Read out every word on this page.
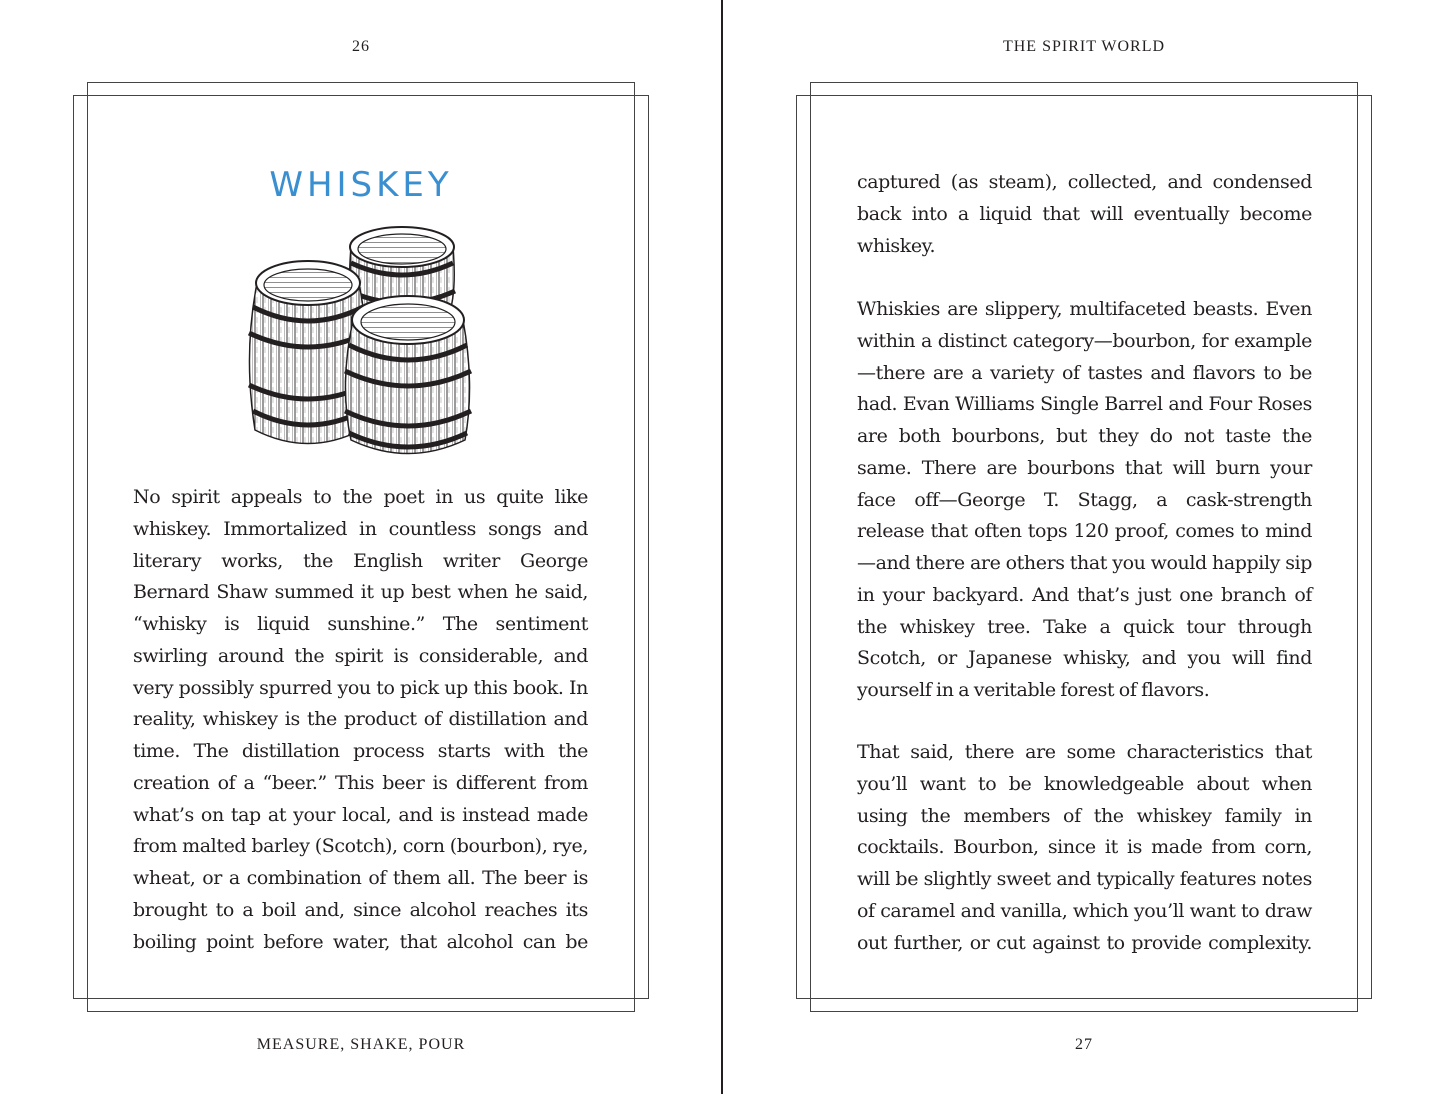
26

WHISKEY

No spirit appeals to the poet in us quite like whiskey. Immortalized in countless songs and literary works, the English writer George Bernard Shaw summed it up best when he said, “whisky is liquid sunshine.” The sentiment swirling around the spirit is considerable, and very possibly spurred you to pick up this book. In reality, whiskey is the product of distillation and time. The distillation process starts with the creation of a “beer.” This beer is different from what’s on tap at your local, and is instead made from malted barley (Scotch), corn (bourbon), rye, wheat, or a combination of them all. The beer is brought to a boil and, since alcohol reaches its boiling point before water, that alcohol can be

MEASURE, SHAKE, POUR

THE SPIRIT WORLD

captured (as steam), collected, and condensed back into a liquid that will eventually become whiskey.

Whiskies are slippery, multifaceted beasts. Even within a distinct category—bourbon, for example—there are a variety of tastes and flavors to be had. Evan Williams Single Barrel and Four Roses are both bourbons, but they do not taste the same. There are bourbons that will burn your face off—George T. Stagg, a cask-strength release that often tops 120 proof, comes to mind—and there are others that you would happily sip in your backyard. And that’s just one branch of the whiskey tree. Take a quick tour through Scotch, or Japanese whisky, and you will find yourself in a veritable forest of flavors.

That said, there are some characteristics that you’ll want to be knowledgeable about when using the members of the whiskey family in cocktails. Bourbon, since it is made from corn, will be slightly sweet and typically features notes of caramel and vanilla, which you’ll want to draw out further, or cut against to provide complexity.

27
